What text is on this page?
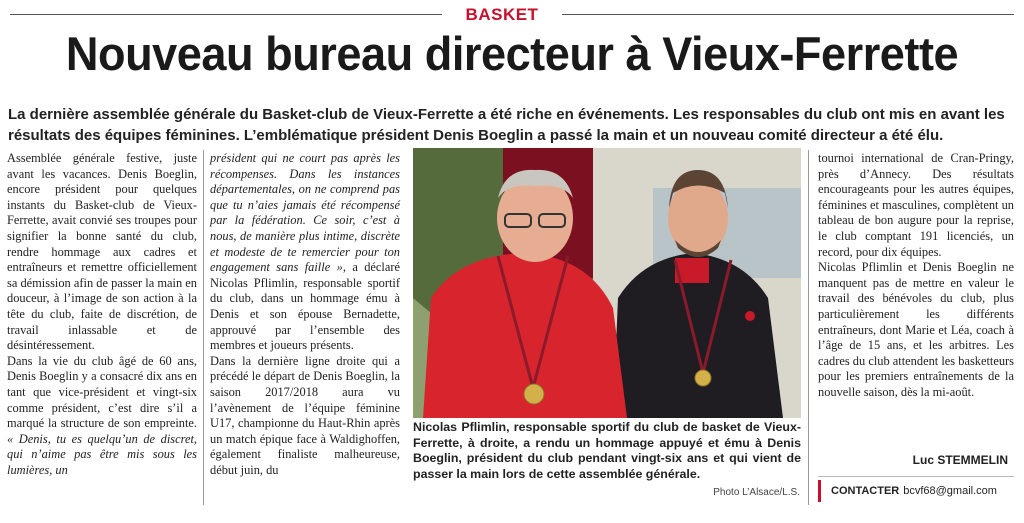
BASKET
Nouveau bureau directeur à Vieux-Ferrette

La dernière assemblée générale du Basket-club de Vieux-Ferrette a été riche en événements. Les responsables du club ont mis en avant les résultats des équipes féminines. L’emblématique président Denis Boeglin a passé la main et un nouveau comité directeur a été élu.

Assemblée générale festive, juste avant les vacances. Denis Boeglin, encore président pour quelques instants du Basket-club de Vieux-Ferrette, avait convié ses troupes pour signifier la bonne santé du club, rendre hommage aux cadres et entraîneurs et remettre officiellement sa démission afin de passer la main en douceur, à l’image de son action à la tête du club, faite de discrétion, de travail inlassable et de désintéressement.

Dans la vie du club âgé de 60 ans, Denis Boeglin y a consacré dix ans en tant que vice-président et vingt-six comme président, c’est dire s’il a marqué la structure de son empreinte. « Denis, tu es quelqu’un de discret, qui n’aime pas être mis sous les lumières, un

président qui ne court pas après les récompenses. Dans les instances départementales, on ne comprend pas que tu n’aies jamais été récompensé par la fédération. Ce soir, c’est à nous, de manière plus intime, discrète et modeste de te remercier pour ton engagement sans faille », a déclaré Nicolas Pflimlin, responsable sportif du club, dans un hommage ému à Denis et son épouse Bernadette, approuvé par l’ensemble des membres et joueurs présents.

Dans la dernière ligne droite qui a précédé le départ de Denis Boeglin, la saison 2017/2018 aura vu l’avènement de l’équipe féminine U17, championne du Haut-Rhin après un match épique face à Waldighoffen, également finaliste malheureuse, début juin, du

Nicolas Pflimlin, responsable sportif du club de basket de Vieux-Ferrette, à droite, a rendu un hommage appuyé et ému à Denis Boeglin, président du club pendant vingt-six ans et qui vient de passer la main lors de cette assemblée générale.

Photo L’Alsace/L.S.

tournoi international de Cran-Pringy, près d’Annecy. Des résultats encourageants pour les autres équipes, féminines et masculines, complètent un tableau de bon augure pour la reprise, le club comptant 191 licenciés, un record, pour dix équipes.

Nicolas Pflimlin et Denis Boeglin ne manquent pas de mettre en valeur le travail des bénévoles du club, plus particulièrement les différents entraîneurs, dont Marie et Léa, coach à l’âge de 15 ans, et les arbitres. Les cadres du club attendent les basketteurs pour les premiers entraînements de la nouvelle saison, dès la mi-août.

Luc STEMMELIN
CONTACTER bcvf68@gmail.com
